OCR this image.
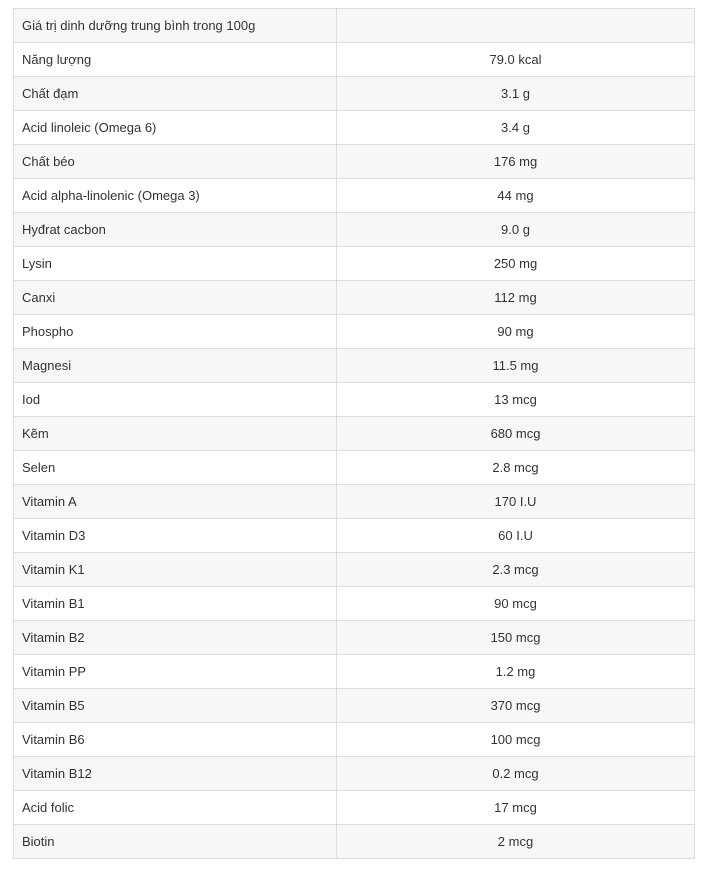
Giá trị dinh dưỡng trung bình trong 100g	
Năng lượng	79.0 kcal
Chất đạm	3.1 g
Acid linoleic (Omega 6)	3.4 g
Chất béo	176 mg
Acid alpha-linolenic (Omega 3)	44 mg
Hyđrat cacbon	9.0 g
Lysin	250 mg
Canxi	112 mg
Phospho	90 mg
Magnesi	11.5 mg
Iod	13 mcg
Kẽm	680 mcg
Selen	2.8 mcg
Vitamin A	170 I.U
Vitamin D3	60 I.U
Vitamin K1	2.3 mcg
Vitamin B1	90 mcg
Vitamin B2	150 mcg
Vitamin PP	1.2 mg
Vitamin B5	370 mcg
Vitamin B6	100 mcg
Vitamin B12	0.2 mcg
Acid folic	17 mcg
Biotin	2 mcg
